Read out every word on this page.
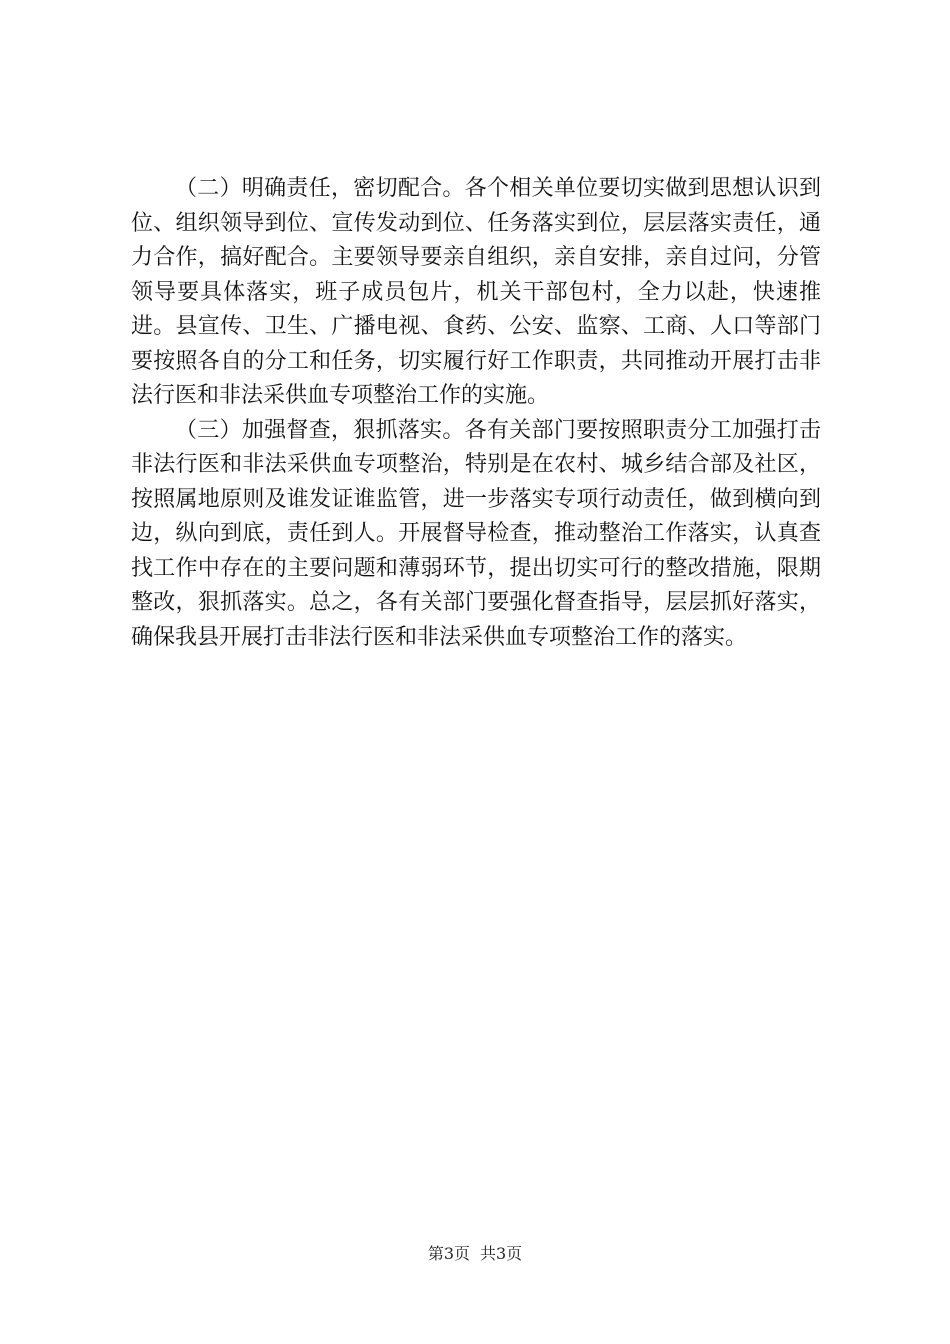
（二）明确责任，密切配合。各个相关单位要切实做到思想认识到位、组织领导到位、宣传发动到位、任务落实到位，层层落实责任，通力合作，搞好配合。主要领导要亲自组织，亲自安排，亲自过问，分管领导要具体落实，班子成员包片，机关干部包村，全力以赴，快速推进。县宣传、卫生、广播电视、食药、公安、监察、工商、人口等部门要按照各自的分工和任务，切实履行好工作职责，共同推动开展打击非法行医和非法采供血专项整治工作的实施。

（三）加强督查，狠抓落实。各有关部门要按照职责分工加强打击非法行医和非法采供血专项整治，特别是在农村、城乡结合部及社区，按照属地原则及谁发证谁监管，进一步落实专项行动责任，做到横向到边，纵向到底，责任到人。开展督导检查，推动整治工作落实，认真查找工作中存在的主要问题和薄弱环节，提出切实可行的整改措施，限期整改，狠抓落实。总之，各有关部门要强化督查指导，层层抓好落实，确保我县开展打击非法行医和非法采供血专项整治工作的落实。

第3页 共3页
